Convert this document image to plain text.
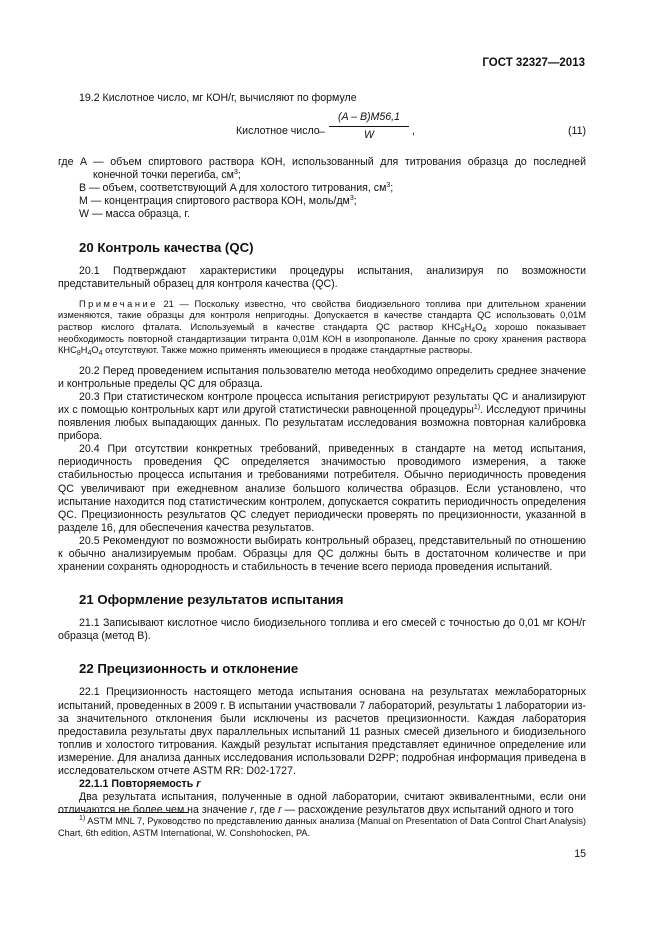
ГОСТ 32327—2013

19.2 Кислотное число, мг КОН/г, вычисляют по формуле

Кислотное число – $\frac{(A - B)M56,1}{W}$ ,	(11)

где A — объем спиртового раствора КОН, использованный для титрования образца до последней конечной точки перегиба, $см^3$;

B — объем, соответствующий A для холостого титрования, $см^3$;

M — концентрация спиртового раствора КОН, моль/$дм^3$;

W — масса образца, г.

20 Контроль качества (QC)

20.1 Подтверждают характеристики процедуры испытания, анализируя по возможности представительный образец для контроля качества (QC).

Примечание 21 — Поскольку известно, что свойства биодизельного топлива при длительном хранении изменяются, такие образцы для контроля непригодны. Допускается в качестве стандарта QC использовать 0,01M раствор кислого фталата. Используемый в качестве стандарта QC раствор $КНС_8Н_4О_4$ хорошо показывает необходимость повторной стандартизации титранта 0,01M КОН в изопропаноле. Данные по сроку хранения раствора $КНС_8Н_4О_4$ отсутствуют. Также можно применять имеющиеся в продаже стандартные растворы.

20.2 Перед проведением испытания пользователю метода необходимо определить среднее значение и контрольные пределы QC для образца.

20.3 При статистическом контроле процесса испытания регистрируют результаты QC и анализируют их с помощью контрольных карт или другой статистически равноценной процедуры$^{1)}$. Исследуют причины появления любых выпадающих данных. По результатам исследования возможна повторная калибровка прибора.

20.4 При отсутствии конкретных требований, приведенных в стандарте на метод испытания, периодичность проведения QC определяется значимостью проводимого измерения, а также стабильностью процесса испытания и требованиями потребителя. Обычно периодичность проведения QC увеличивают при ежедневном анализе большого количества образцов. Если установлено, что испытание находится под статистическим контролем, допускается сократить периодичность определения QC. Прецизионность результатов QC следует периодически проверять по прецизионности, указанной в разделе 16, для обеспечения качества результатов.

20.5 Рекомендуют по возможности выбирать контрольный образец, представительный по отношению к обычно анализируемым пробам. Образцы для QC должны быть в достаточном количестве и при хранении сохранять однородность и стабильность в течение всего периода проведения испытаний.

21 Оформление результатов испытания

21.1 Записывают кислотное число биодизельного топлива и его смесей с точностью до 0,01 мг КОН/г образца (метод B).

22 Прецизионность и отклонение

22.1 Прецизионность настоящего метода испытания основана на результатах межлабораторных испытаний, проведенных в 2009 г. В испытании участвовали 7 лабораторий, результаты 1 лаборатории из-за значительного отклонения были исключены из расчетов прецизионности. Каждая лаборатория предоставила результаты двух параллельных испытаний 11 разных смесей дизельного и биодизельного топлив и холостого титрования. Каждый результат испытания представляет единичное определение или измерение. Для анализа данных исследования использовали D2PP; подробная информация приведена в исследовательском отчете ASTM RR: D02-1727.

22.1.1 Повторяемость r

Два результата испытания, полученные в одной лаборатории, считают эквивалентными, если они отличаются не более чем на значение r, где r — расхождение результатов двух испытаний одного и того

$^{1)}$ ASTM MNL 7, Руководство по представлению данных анализа (Manual on Presentation of Data Control Chart Analysis) Chart, 6th edition, ASTM International, W. Conshohocken, PA.

15
